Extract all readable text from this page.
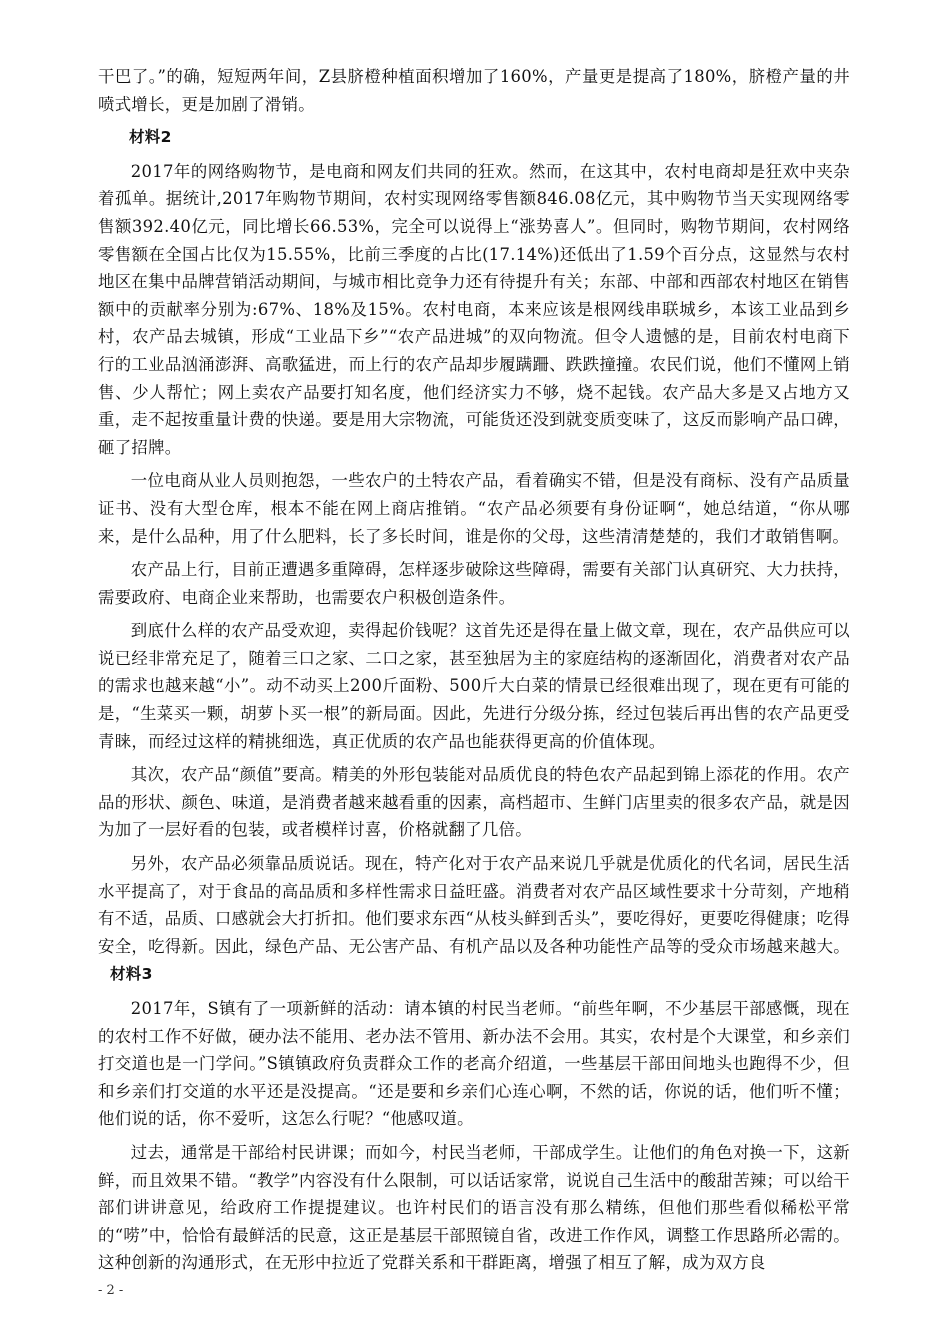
干巴了。”的确，短短两年间，Z县脐橙种植面积增加了160%，产量更是提高了180%，脐橙产量的井喷式增长，更是加剧了滑销。

材料2

2017年的网络购物节，是电商和网友们共同的狂欢。然而，在这其中，农村电商却是狂欢中夹杂着孤单。据统计,2017年购物节期间，农村实现网络零售额846.08亿元，其中购物节当天实现网络零售额392.40亿元，同比增长66.53%，完全可以说得上“涨势喜人”。但同时，购物节期间，农村网络零售额在全国占比仅为15.55%，比前三季度的占比(17.14%)还低出了1.59个百分点，这显然与农村地区在集中品牌营销活动期间，与城市相比竞争力还有待提升有关；东部、中部和西部农村地区在销售额中的贡献率分别为:67%、18%及15%。农村电商，本来应该是根网线串联城乡，本该工业品到乡村，农产品去城镇，形成“工业品下乡”“农产品进城”的双向物流。但令人遗憾的是，目前农村电商下行的工业品汹涌澎湃、高歌猛进，而上行的农产品却步履蹒跚、跌跌撞撞。农民们说，他们不懂网上销售、少人帮忙；网上卖农产品要打知名度，他们经济实力不够，烧不起钱。农产品大多是又占地方又重，走不起按重量计费的快递。要是用大宗物流，可能货还没到就变质变味了，这反而影响产品口碑，砸了招牌。

一位电商从业人员则抱怨，一些农户的土特农产品，看着确实不错，但是没有商标、没有产品质量证书、没有大型仓库，根本不能在网上商店推销。“农产品必须要有身份证啊“，她总结道，“你从哪来，是什么品种，用了什么肥料，长了多长时间，谁是你的父母，这些清清楚楚的，我们才敢销售啊。

农产品上行，目前正遭遇多重障碍，怎样逐步破除这些障碍，需要有关部门认真研究、大力扶持，需要政府、电商企业来帮助，也需要农户积极创造条件。

到底什么样的农产品受欢迎，卖得起价钱呢？这首先还是得在量上做文章，现在，农产品供应可以说已经非常充足了，随着三口之家、二口之家，甚至独居为主的家庭结构的逐渐固化，消费者对农产品的需求也越来越“小”。动不动买上200斤面粉、500斤大白菜的情景已经很难出现了，现在更有可能的是，“生菜买一颗，胡萝卜买一根”的新局面。因此，先进行分级分拣，经过包装后再出售的农产品更受青睐，而经过这样的精挑细选，真正优质的农产品也能获得更高的价值体现。

其次，农产品“颜值”要高。精美的外形包装能对品质优良的特色农产品起到锦上添花的作用。农产品的形状、颜色、味道，是消费者越来越看重的因素，高档超市、生鲜门店里卖的很多农产品，就是因为加了一层好看的包装，或者模样讨喜，价格就翻了几倍。

另外，农产品必须靠品质说话。现在，特产化对于农产品来说几乎就是优质化的代名词，居民生活水平提高了，对于食品的高品质和多样性需求日益旺盛。消费者对农产品区域性要求十分苛刻，产地稍有不适，品质、口感就会大打折扣。他们要求东西“从枝头鲜到舌头”，要吃得好，更要吃得健康；吃得安全，吃得新。因此，绿色产品、无公害产品、有机产品以及各种功能性产品等的受众市场越来越大。材料3

2017年，S镇有了一项新鲜的活动：请本镇的村民当老师。“前些年啊，不少基层干部感慨，现在的农村工作不好做，硬办法不能用、老办法不管用、新办法不会用。其实，农村是个大课堂，和乡亲们打交道也是一门学问。”S镇镇政府负责群众工作的老高介绍道，一些基层干部田间地头也跑得不少，但和乡亲们打交道的水平还是没提高。“还是要和乡亲们心连心啊，不然的话，你说的话，他们听不懂；他们说的话，你不爱听，这怎么行呢？“他感叹道。

过去，通常是干部给村民讲课；而如今，村民当老师，干部成学生。让他们的角色对换一下，这新鲜，而且效果不错。“教学”内容没有什么限制，可以话话家常，说说自己生活中的酸甜苦辣；可以给干部们讲讲意见，给政府工作提提建议。也许村民们的语言没有那么精练，但他们那些看似稀松平常的“唠”中，恰恰有最鲜活的民意，这正是基层干部照镜自省，改进工作作风，调整工作思路所必需的。这种创新的沟通形式，在无形中拉近了党群关系和干群距离，增强了相互了解，成为双方良

- 2 -
